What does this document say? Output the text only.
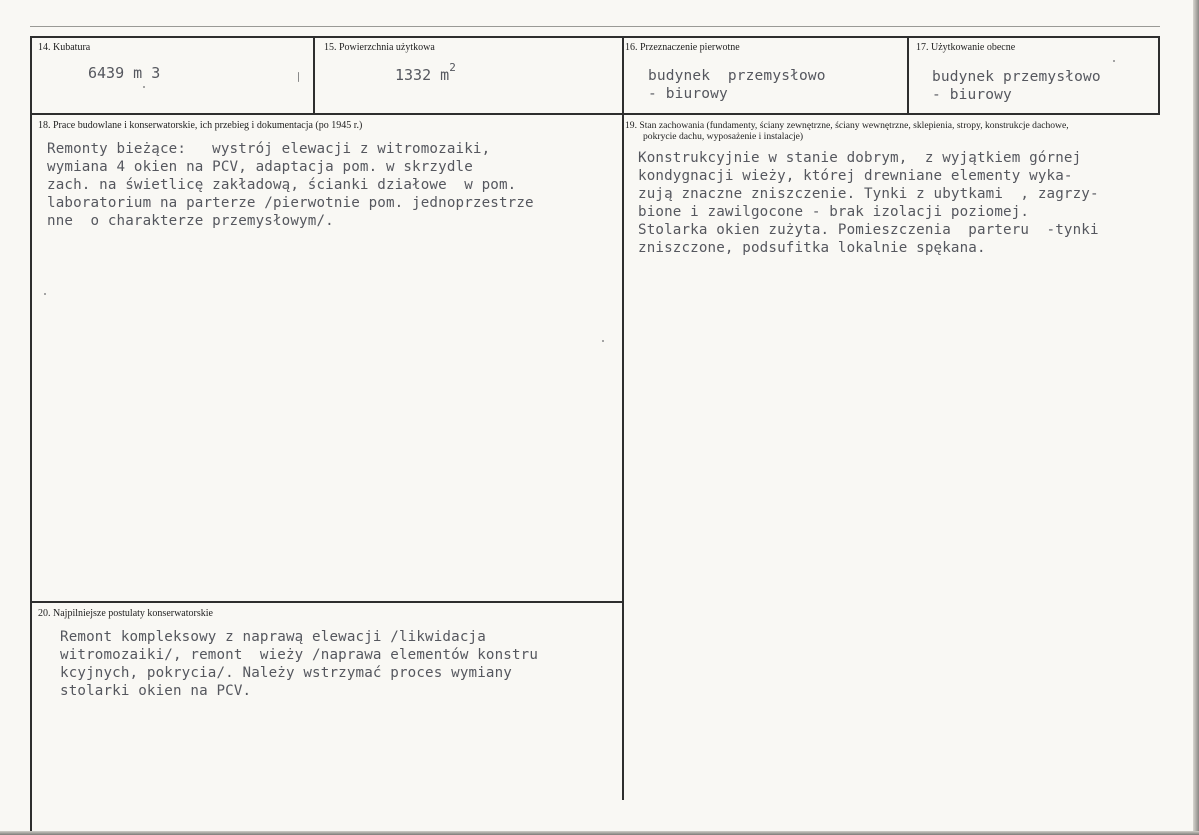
14. Kubatura
6439 m 3
15. Powierzchnia użytkowa
1332 $m^2$
16. Przeznaczenie pierwotne
budynek  przemysłowo
- biurowy
17. Użytkowanie obecne
budynek przemysłowo
- biurowy
18. Prace budowlane i konserwatorskie, ich przebieg i dokumentacja (po 1945 r.)
Remonty bieżące:   wystrój elewacji z witromozaiki,
wymiana 4 okien na PCV, adaptacja pom. w skrzydle
zach. na świetlicę zakładową, ścianki działowe  w pom.
laboratorium na parterze /pierwotnie pom. jednoprzestrze
nne  o charakterze przemysłowym/.
19. Stan zachowania (fundamenty, ściany zewnętrzne, ściany wewnętrzne, sklepienia, stropy, konstrukcje dachowe,
pokrycie dachu, wyposażenie i instalacje)
Konstrukcyjnie w stanie dobrym,  z wyjątkiem górnej
kondygnacji wieży, której drewniane elementy wyka-
zują znaczne zniszczenie. Tynki z ubytkami  , zagrzy-
bione i zawilgocone - brak izolacji poziomej.
Stolarka okien zużyta. Pomieszczenia  parteru  -tynki
zniszczone, podsufitka lokalnie spękana.
20. Najpilniejsze postulaty konserwatorskie
Remont kompleksowy z naprawą elewacji /likwidacja
witromozaiki/, remont  wieży /naprawa elementów konstru
kcyjnych, pokrycia/. Należy wstrzymać proces wymiany
stolarki okien na PCV.
